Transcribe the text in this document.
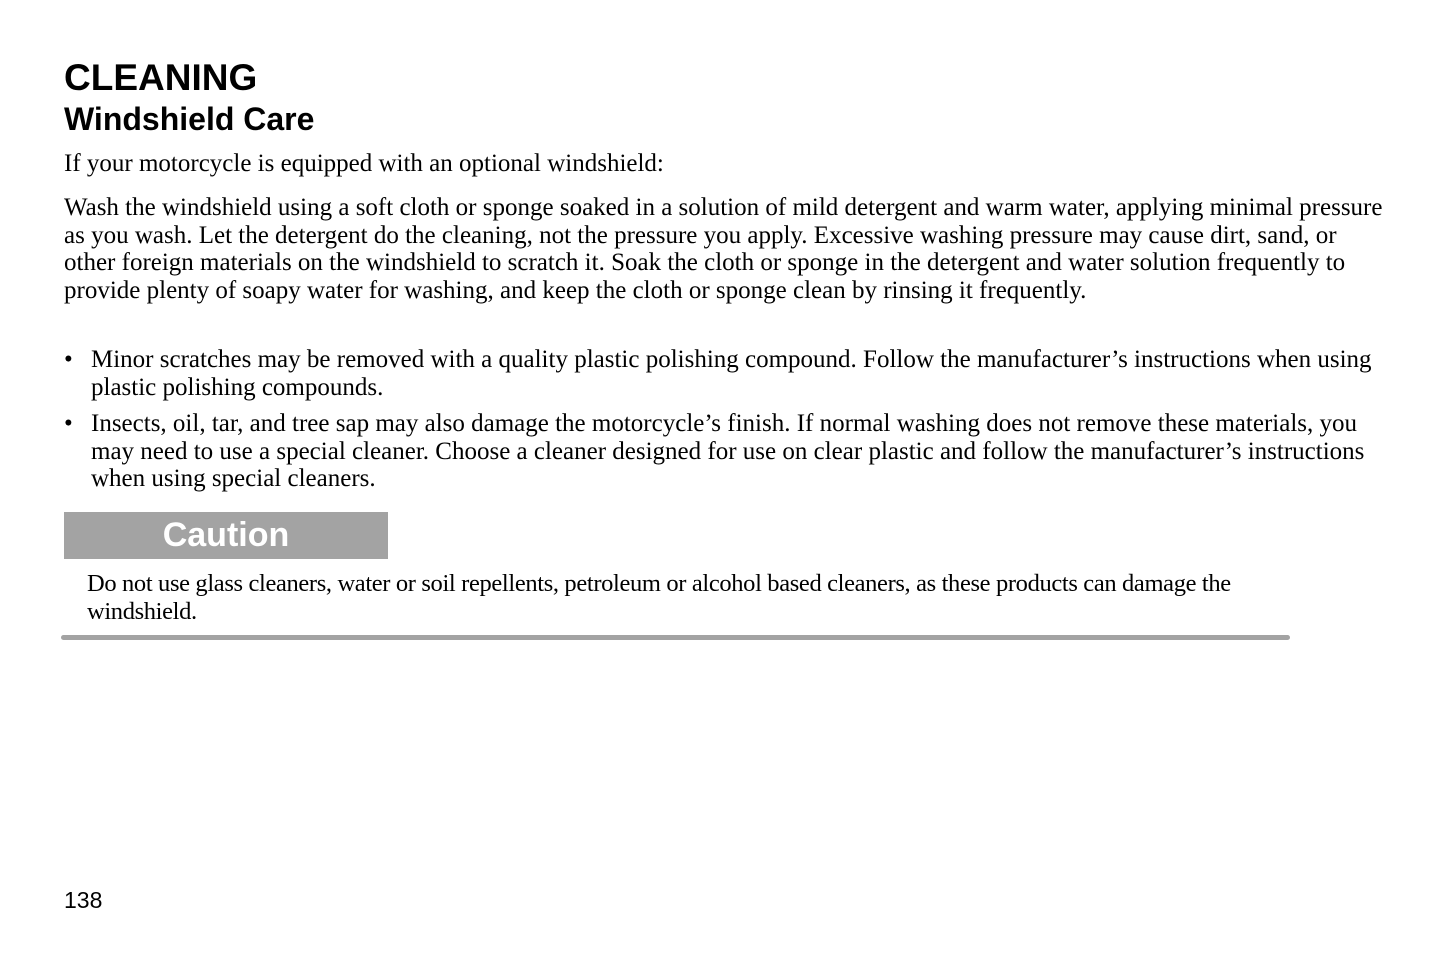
CLEANING
Windshield Care

If your motorcycle is equipped with an optional windshield:

Wash the windshield using a soft cloth or sponge soaked in a solution of mild detergent and warm water, applying minimal pressure as you wash. Let the detergent do the cleaning, not the pressure you apply. Excessive washing pressure may cause dirt, sand, or other foreign materials on the windshield to scratch it. Soak the cloth or sponge in the detergent and water solution frequently to provide plenty of soapy water for washing, and keep the cloth or sponge clean by rinsing it frequently.

• Minor scratches may be removed with a quality plastic polishing compound. Follow the manufacturer’s instructions when using plastic polishing compounds.
• Insects, oil, tar, and tree sap may also damage the motorcycle’s finish. If normal washing does not remove these materials, you may need to use a special cleaner. Choose a cleaner designed for use on clear plastic and follow the manufacturer’s instructions when using special cleaners.
Caution

Do not use glass cleaners, water or soil repellents, petroleum or alcohol based cleaners, as these products can damage the windshield.

138
